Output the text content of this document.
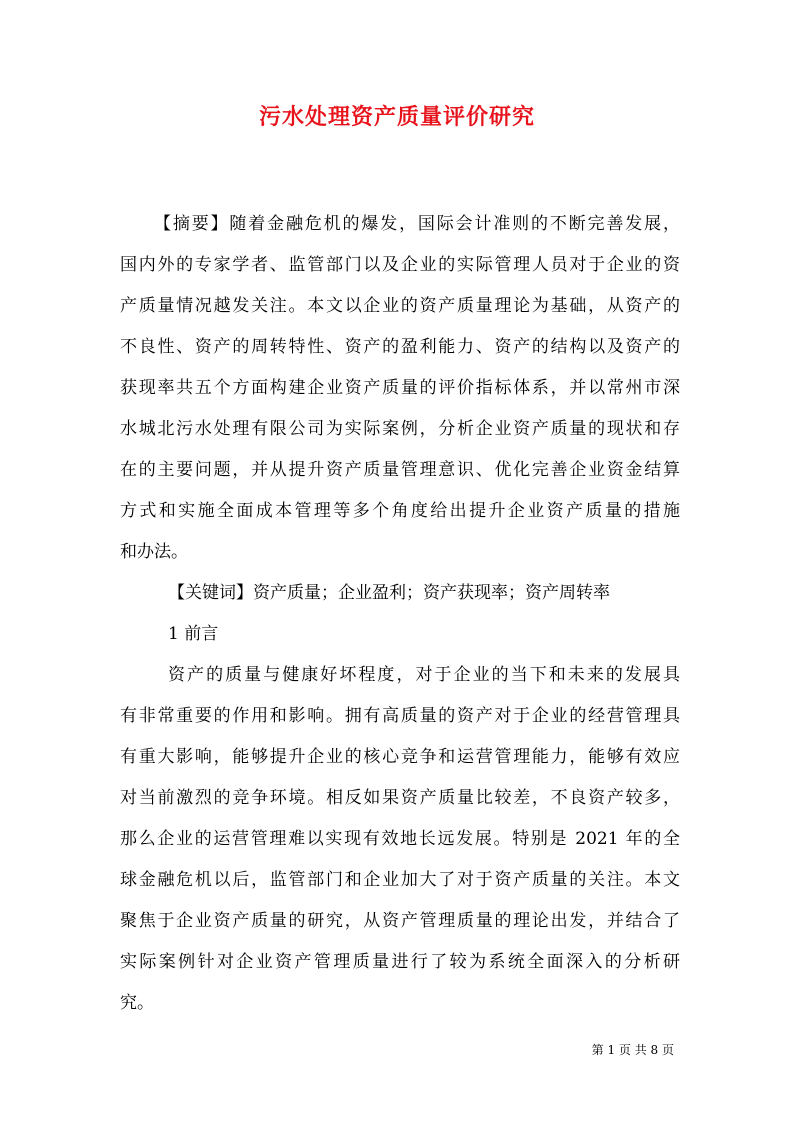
污水处理资产质量评价研究
【摘要】随着金融危机的爆发，国际会计准则的不断完善发展，
国内外的专家学者、监管部门以及企业的实际管理人员对于企业的资
产质量情况越发关注。本文以企业的资产质量理论为基础，从资产的
不良性、资产的周转特性、资产的盈利能力、资产的结构以及资产的
获现率共五个方面构建企业资产质量的评价指标体系，并以常州市深
水城北污水处理有限公司为实际案例，分析企业资产质量的现状和存
在的主要问题，并从提升资产质量管理意识、优化完善企业资金结算
方式和实施全面成本管理等多个角度给出提升企业资产质量的措施
和办法。
【关键词】资产质量；企业盈利；资产获现率；资产周转率
1 前言
资产的质量与健康好坏程度，对于企业的当下和未来的发展具
有非常重要的作用和影响。拥有高质量的资产对于企业的经营管理具
有重大影响，能够提升企业的核心竞争和运营管理能力，能够有效应
对当前激烈的竞争环境。相反如果资产质量比较差，不良资产较多，
那么企业的运营管理难以实现有效地长远发展。特别是 2021 年的全
球金融危机以后，监管部门和企业加大了对于资产质量的关注。本文
聚焦于企业资产质量的研究，从资产管理质量的理论出发，并结合了
实际案例针对企业资产管理质量进行了较为系统全面深入的分析研
究。
第 1 页 共 8 页
